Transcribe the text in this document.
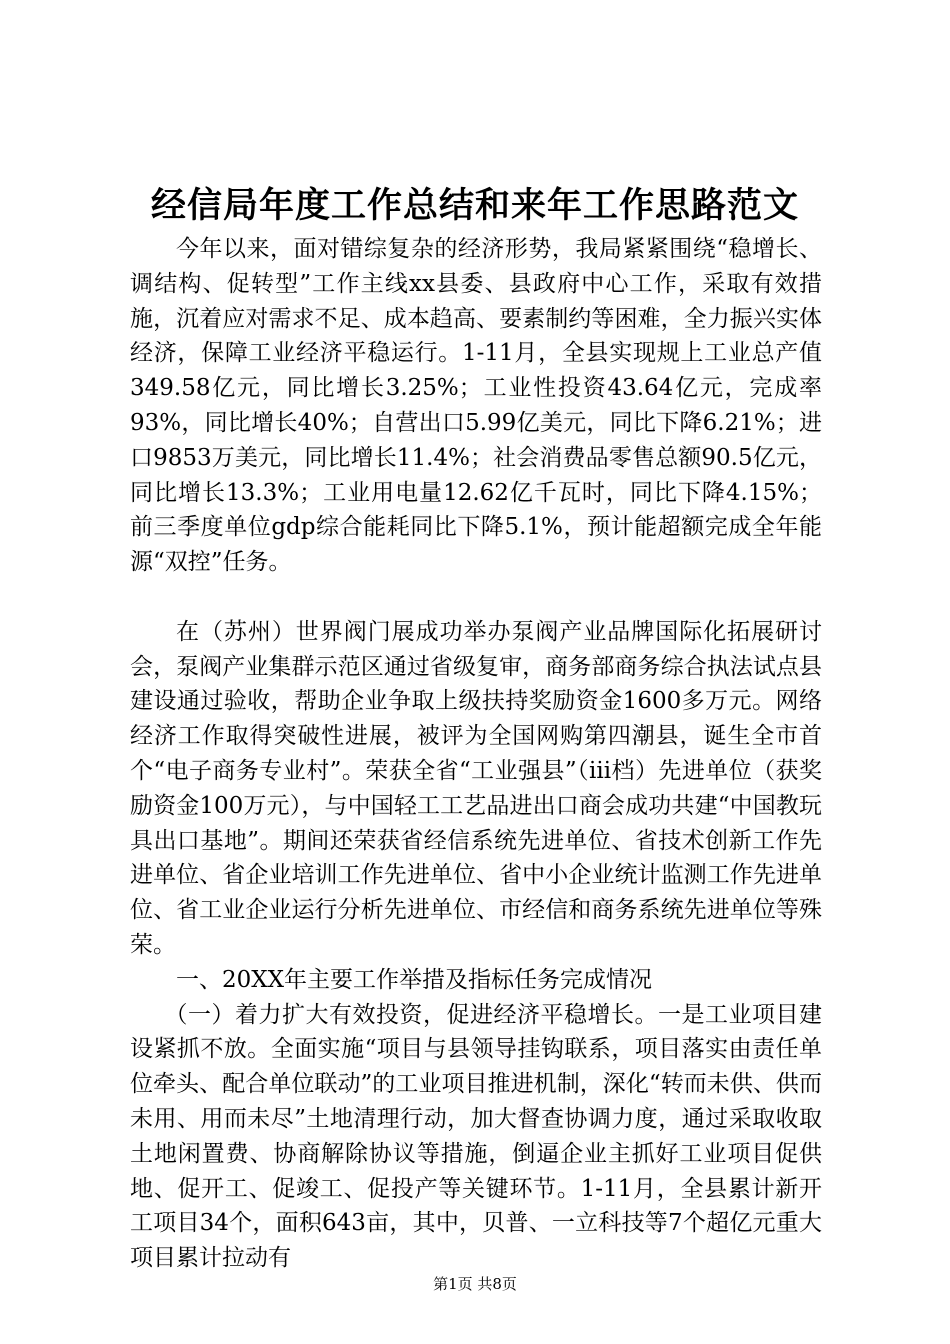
经信局年度工作总结和来年工作思路范文

今年以来，面对错综复杂的经济形势，我局紧紧围绕“稳增长、调结构、促转型”工作主线xx县委、县政府中心工作，采取有效措施，沉着应对需求不足、成本趋高、要素制约等困难，全力振兴实体经济，保障工业经济平稳运行。1-11月，全县实现规上工业总产值349.58亿元，同比增长3.25%；工业性投资43.64亿元，完成率93%，同比增长40%；自营出口5.99亿美元，同比下降6.21%；进口9853万美元，同比增长11.4%；社会消费品零售总额90.5亿元，同比增长13.3%；工业用电量12.62亿千瓦时，同比下降4.15%；前三季度单位gdp综合能耗同比下降5.1%，预计能超额完成全年能源“双控”任务。

在（苏州）世界阀门展成功举办泵阀产业品牌国际化拓展研讨会，泵阀产业集群示范区通过省级复审，商务部商务综合执法试点县建设通过验收，帮助企业争取上级扶持奖励资金1600多万元。网络经济工作取得突破性进展，被评为全国网购第四潮县，诞生全市首个“电子商务专业村”。荣获全省“工业强县”（iii档）先进单位（获奖励资金100万元），与中国轻工工艺品进出口商会成功共建“中国教玩具出口基地”。期间还荣获省经信系统先进单位、省技术创新工作先进单位、省企业培训工作先进单位、省中小企业统计监测工作先进单位、省工业企业运行分析先进单位、市经信和商务系统先进单位等殊荣。

一、20XX年主要工作举措及指标任务完成情况

（一）着力扩大有效投资，促进经济平稳增长。一是工业项目建设紧抓不放。全面实施“项目与县领导挂钩联系，项目落实由责任单位牵头、配合单位联动”的工业项目推进机制，深化“转而未供、供而未用、用而未尽”土地清理行动，加大督查协调力度，通过采取收取土地闲置费、协商解除协议等措施，倒逼企业主抓好工业项目促供地、促开工、促竣工、促投产等关键环节。1-11月，全县累计新开工项目34个，面积643亩，其中，贝普、一立科技等7个超亿元重大项目累计拉动有

第1页 共8页
